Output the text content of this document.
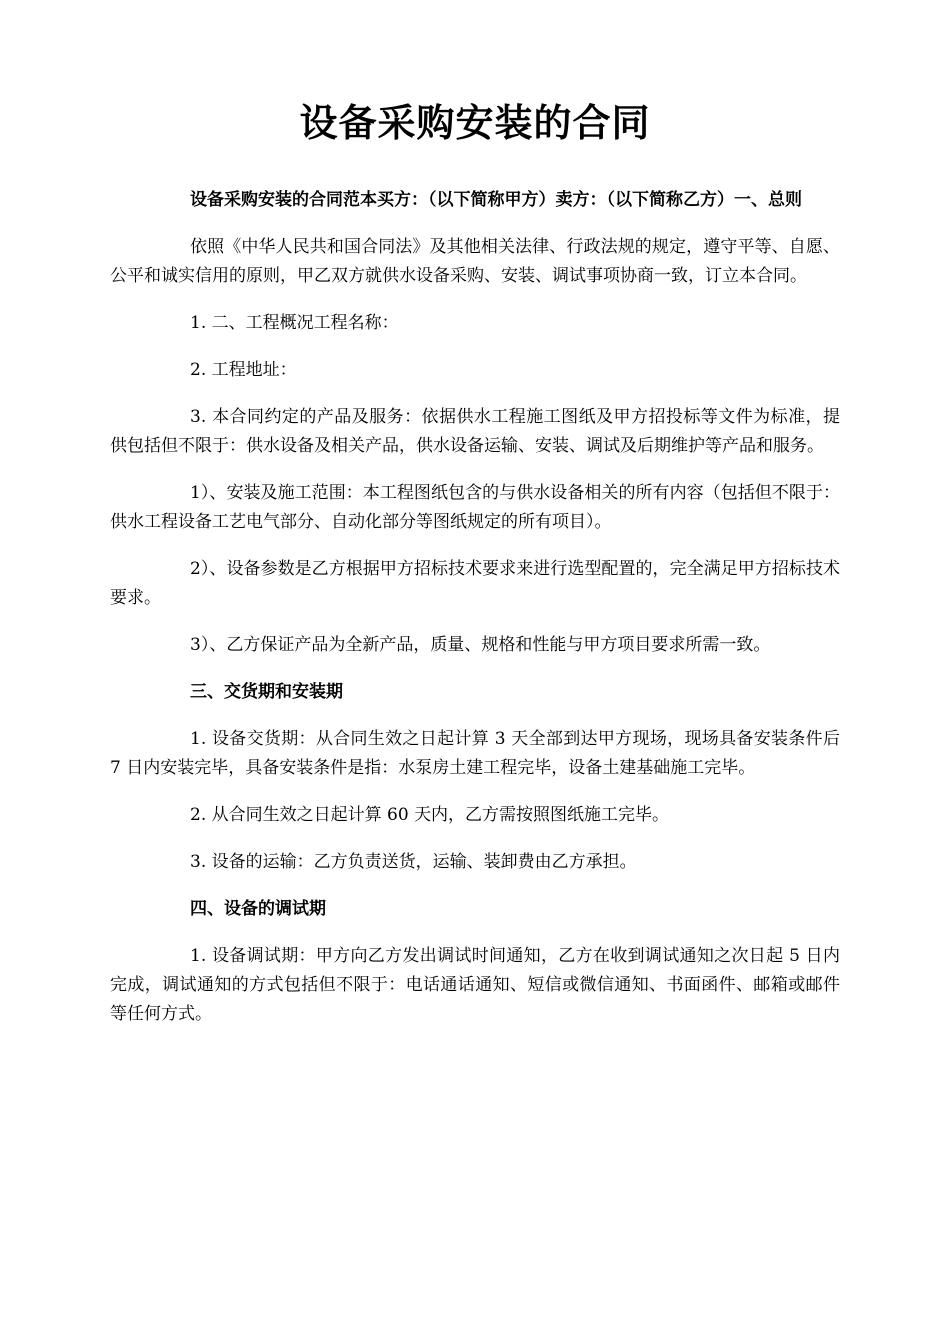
设备采购安装的合同

设备采购安装的合同范本买方：（以下简称甲方）卖方：（以下简称乙方）一、总则

依照《中华人民共和国合同法》及其他相关法律、行政法规的规定，遵守平等、自愿、公平和诚实信用的原则，甲乙双方就供水设备采购、安装、调试事项协商一致，订立本合同。

1. 二、工程概况工程名称：

2. 工程地址：

3. 本合同约定的产品及服务：依据供水工程施工图纸及甲方招投标等文件为标准，提供包括但不限于：供水设备及相关产品，供水设备运输、安装、调试及后期维护等产品和服务。

1）、安装及施工范围：本工程图纸包含的与供水设备相关的所有内容（包括但不限于：供水工程设备工艺电气部分、自动化部分等图纸规定的所有项目）。

2）、设备参数是乙方根据甲方招标技术要求来进行选型配置的，完全满足甲方招标技术要求。

3）、乙方保证产品为全新产品，质量、规格和性能与甲方项目要求所需一致。

三、交货期和安装期

1. 设备交货期：从合同生效之日起计算 3 天全部到达甲方现场，现场具备安装条件后 7 日内安装完毕，具备安装条件是指：水泵房土建工程完毕，设备土建基础施工完毕。

2. 从合同生效之日起计算 60 天内，乙方需按照图纸施工完毕。

3. 设备的运输：乙方负责送货，运输、装卸费由乙方承担。

四、设备的调试期

1. 设备调试期：甲方向乙方发出调试时间通知，乙方在收到调试通知之次日起 5 日内完成，调试通知的方式包括但不限于：电话通话通知、短信或微信通知、书面函件、邮箱或邮件等任何方式。
